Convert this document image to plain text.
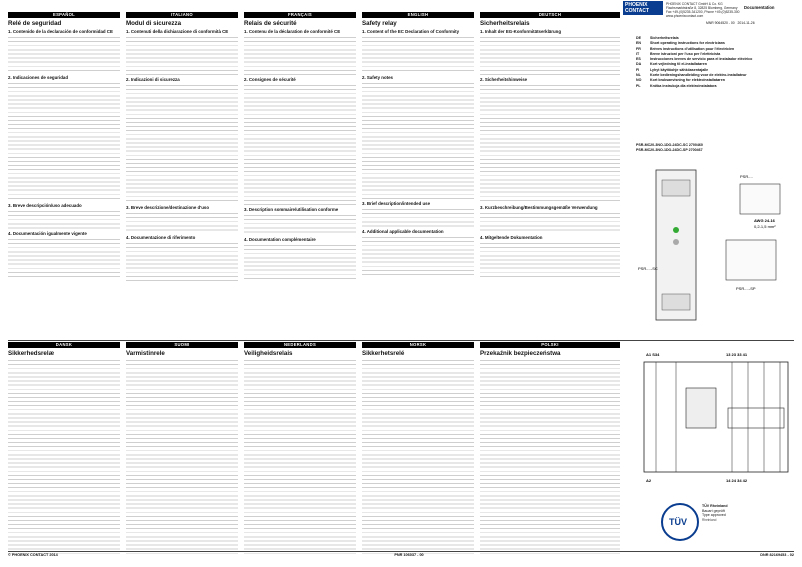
PHOENIX CONTACT
PHOENIX CONTACT GmbH & Co. KG
Flachsmarktstraße 8, 32825 Blomberg, Germany
Fax +49-(0)5235-341200, Phone +49-(0)5235-300
www.phoenixcontact.com
Documentation
MNR 9064520 - 00 2014-11-26
ESPAÑOL
Relé de seguridad
1. Contenido de la declaración de conformidad CE
2. Indicaciones de seguridad
3. Breve descripción/uso adecuado
4. Documentación igualmente vigente
ITALIANO
Modul di sicurezza
1. Contenuti della dichiarazione di conformità CE
2. Indicazioni di sicurezza
3. Breve descrizione/destinazione d'uso
4. Documentazione di riferimento
FRANÇAIS
Relais de sécurité
1. Contenu de la déclaration de conformité CE
2. Consignes de sécurité
3. Description sommaire/utilisation conforme
4. Documentation complémentaire
ENGLISH
Safety relay
1. Content of the EC Declaration of Conformity
2. Safety notes
3. Brief description/intended use
4. Additional applicable documentation
DEUTSCH
Sicherheitsrelais
1. Inhalt der EG-Konformitätserklärung
2. Sicherheitshinweise
3. Kurzbeschreibung/Bestimmungsgemäße Verwendung
4. Mitgeltende Dokumentation
DE	Sicherheitsrelais
EN	Short operating instructions for electricians
FR	Brèves instructions d'utilisation pour l'électricien
IT	Breve istruzioni per l'uso per l'elettricista
ES	Instrucciones breves de servicio para el instalador eléctrico
DA	Kort vejledning til el-installatøren
FI	Lyhyt käyttöohje sähköasentajalle
NL	Korte bedieningshandleiding voor de elektro-installateur
NO	Kort bruksanvisning for elektroinstallatøren
PL	Krótka instrukcja dla elektroinstalatora
PSR-MC20-3NO-1DO-24DC-SC 2700460
PSR-MC20-3NO-1DO-24DC-SP 2700467
PSR-...
AWG 24-16
0,2-1,5 mm²
PSR-...-SC
PSR-...-SP
DANSK
Sikkerhedsrelæ
SUOMI
Varmistinrele
NEDERLANDS
Veiligheidsrelais
NORSK
Sikkerhetsrelé
POLSKI
Przekaźnik bezpieczeństwa	A1 S34	13 23 33 41
A2	14 24 34 42
TÜV
TÜV Rheinland
Bauart geprüft
Type approved
Rheinland
© PHOENIX CONTACT 2014	PNR 106037 - 00	DNR 82169453 - 02
